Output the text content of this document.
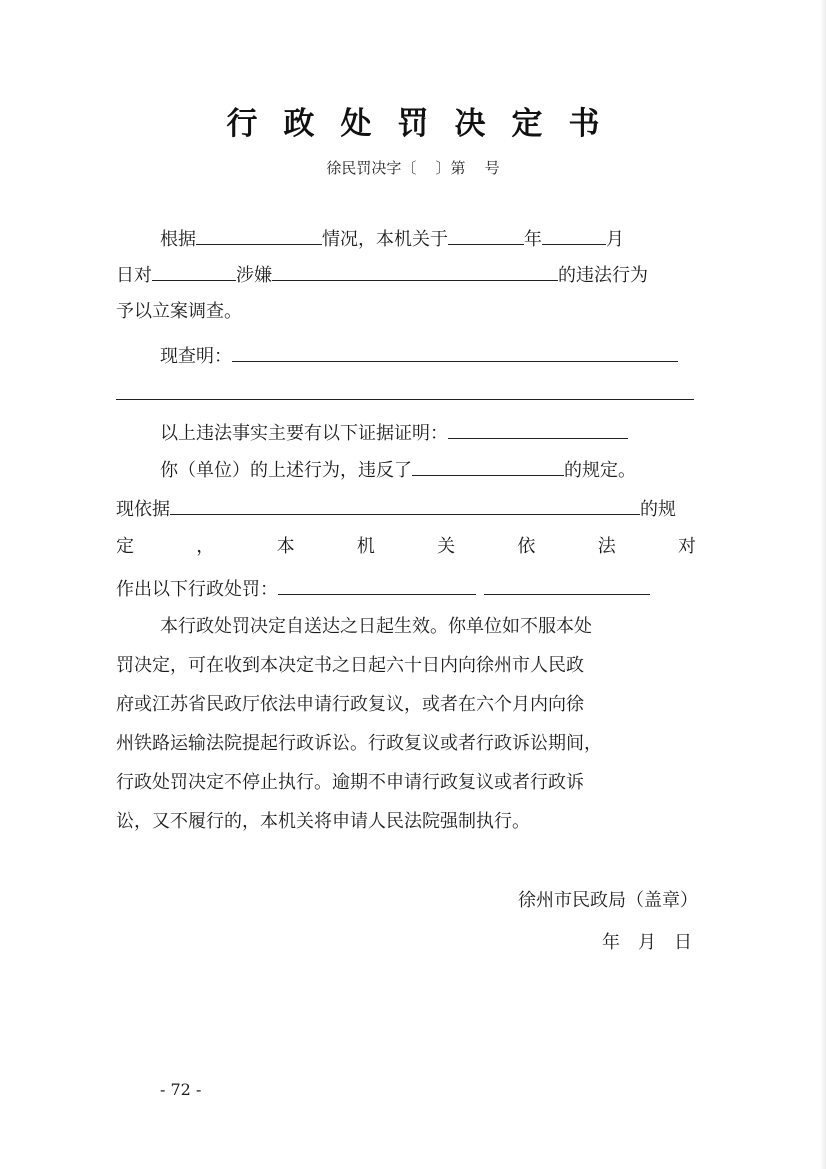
行政处罚决定书
徐民罚决字〔 〕第 号
根据	情况，本机关于	年	月
日对	涉嫌	的违法行为
予以立案调查。
现查明：
以上违法事实主要有以下证据证明：
你（单位）的上述行为，违反了	的规定。
现依据	的规
定	，	本	机	关	依	法	对
作出以下行政处罚：
本行政处罚决定自送达之日起生效。你单位如不服本处
罚决定，可在收到本决定书之日起六十日内向徐州市人民政
府或江苏省民政厅依法申请行政复议，或者在六个月内向徐
州铁路运输法院提起行政诉讼。行政复议或者行政诉讼期间，
行政处罚决定不停止执行。逾期不申请行政复议或者行政诉
讼，又不履行的，本机关将申请人民法院强制执行。
徐州市民政局（盖章）
年　月　日
- 72 -
